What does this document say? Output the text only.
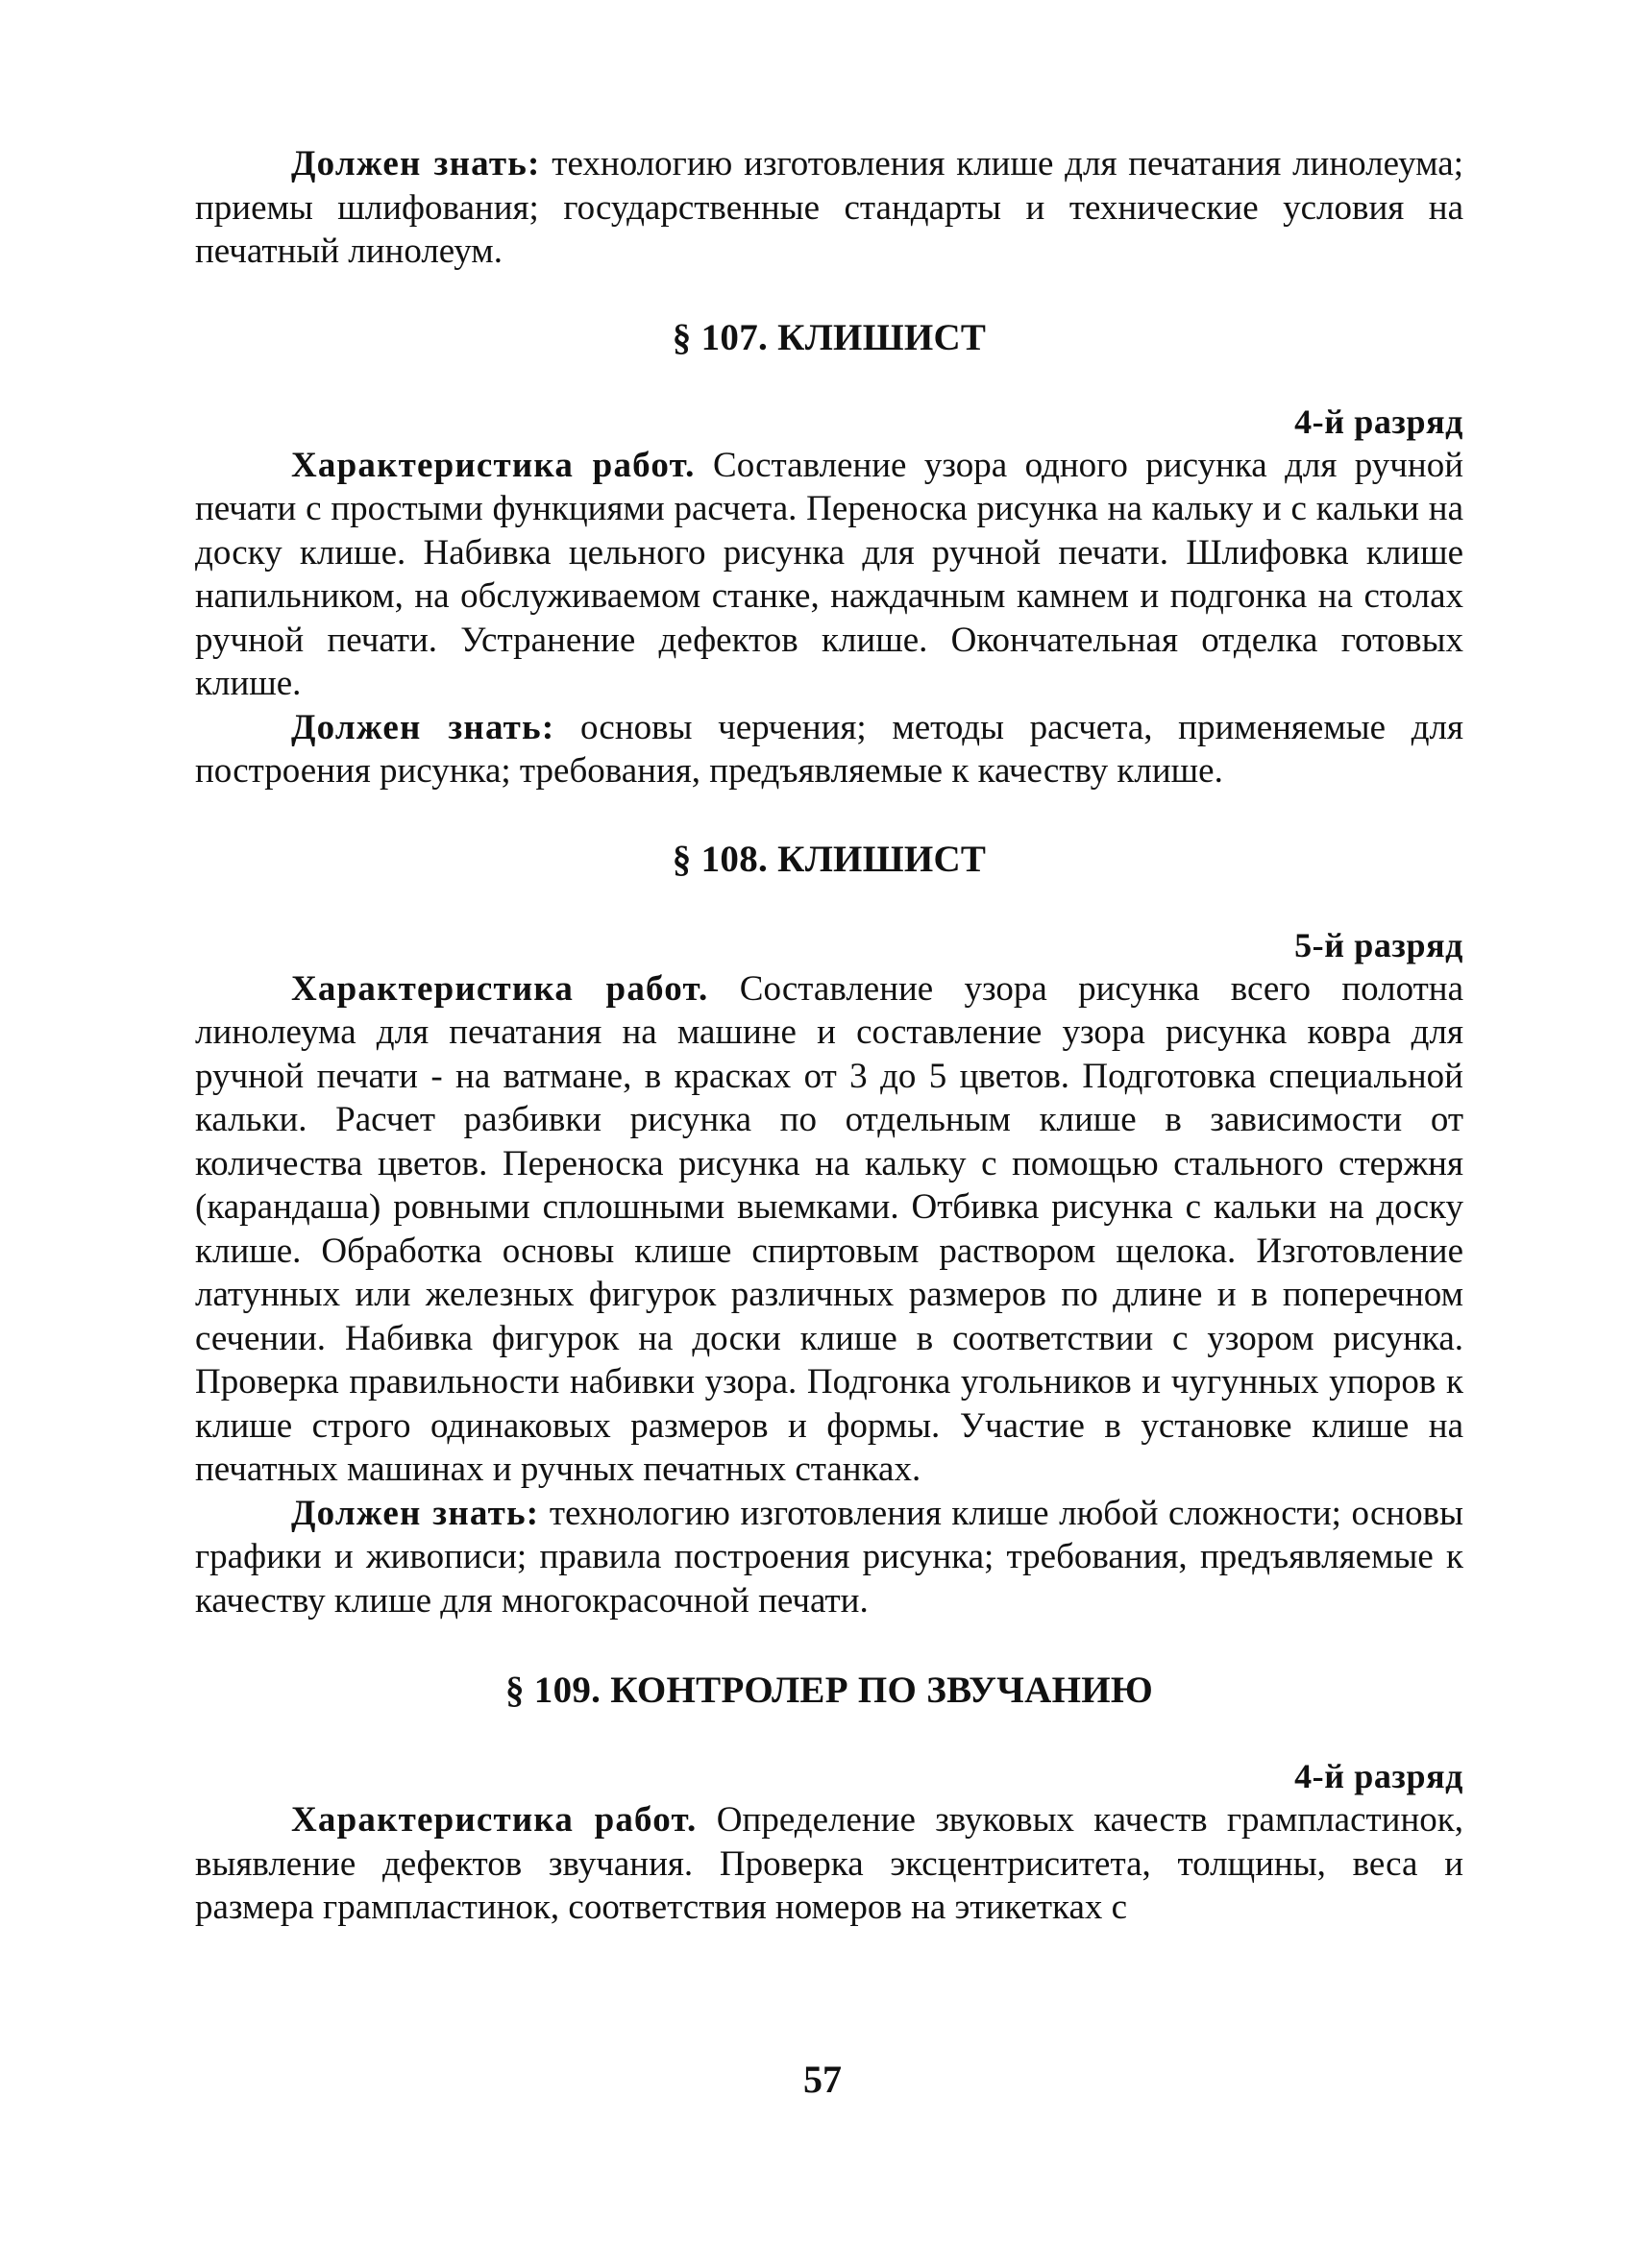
Должен знать: технологию изготовления клише для печатания линолеума; приемы шлифования; государственные стандарты и технические условия на печатный линолеум.

§ 107. КЛИШИСТ
4-й разряд

Характеристика работ. Составление узора одного рисунка для ручной печати с простыми функциями расчета. Переноска рисунка на кальку и с кальки на доску клише. Набивка цельного рисунка для ручной печати. Шлифовка клише напильником, на обслуживаемом станке, наждачным камнем и подгонка на столах ручной печати. Устранение дефектов клише. Окончательная отделка готовых клише.

Должен знать: основы черчения; методы расчета, применяемые для построения рисунка; требования, предъявляемые к качеству клише.

§ 108. КЛИШИСТ
5-й разряд

Характеристика работ. Составление узора рисунка всего полотна линолеума для печатания на машине и составление узора рисунка ковра для ручной печати - на ватмане, в красках от 3 до 5 цветов. Подготовка специальной кальки. Расчет разбивки рисунка по отдельным клише в зависимости от количества цветов. Переноска рисунка на кальку с помощью стального стержня (карандаша) ровными сплошными выемками. Отбивка рисунка с кальки на доску клише. Обработка основы клише спиртовым раствором щелока. Изготовление латунных или железных фигурок различных размеров по длине и в поперечном сечении. Набивка фигурок на доски клише в соответствии с узором рисунка. Проверка правильности набивки узора. Подгонка угольников и чугунных упоров к клише строго одинаковых размеров и формы. Участие в установке клише на печатных машинах и ручных печатных станках.

Должен знать: технологию изготовления клише любой сложности; основы графики и живописи; правила построения рисунка; требования, предъявляемые к качеству клише для многокрасочной печати.

§ 109. КОНТРОЛЕР ПО ЗВУЧАНИЮ
4-й разряд

Характеристика работ. Определение звуковых качеств грампластинок, выявление дефектов звучания. Проверка эксцентриситета, толщины, веса и размера грампластинок, соответствия номеров на этикетках с

57
